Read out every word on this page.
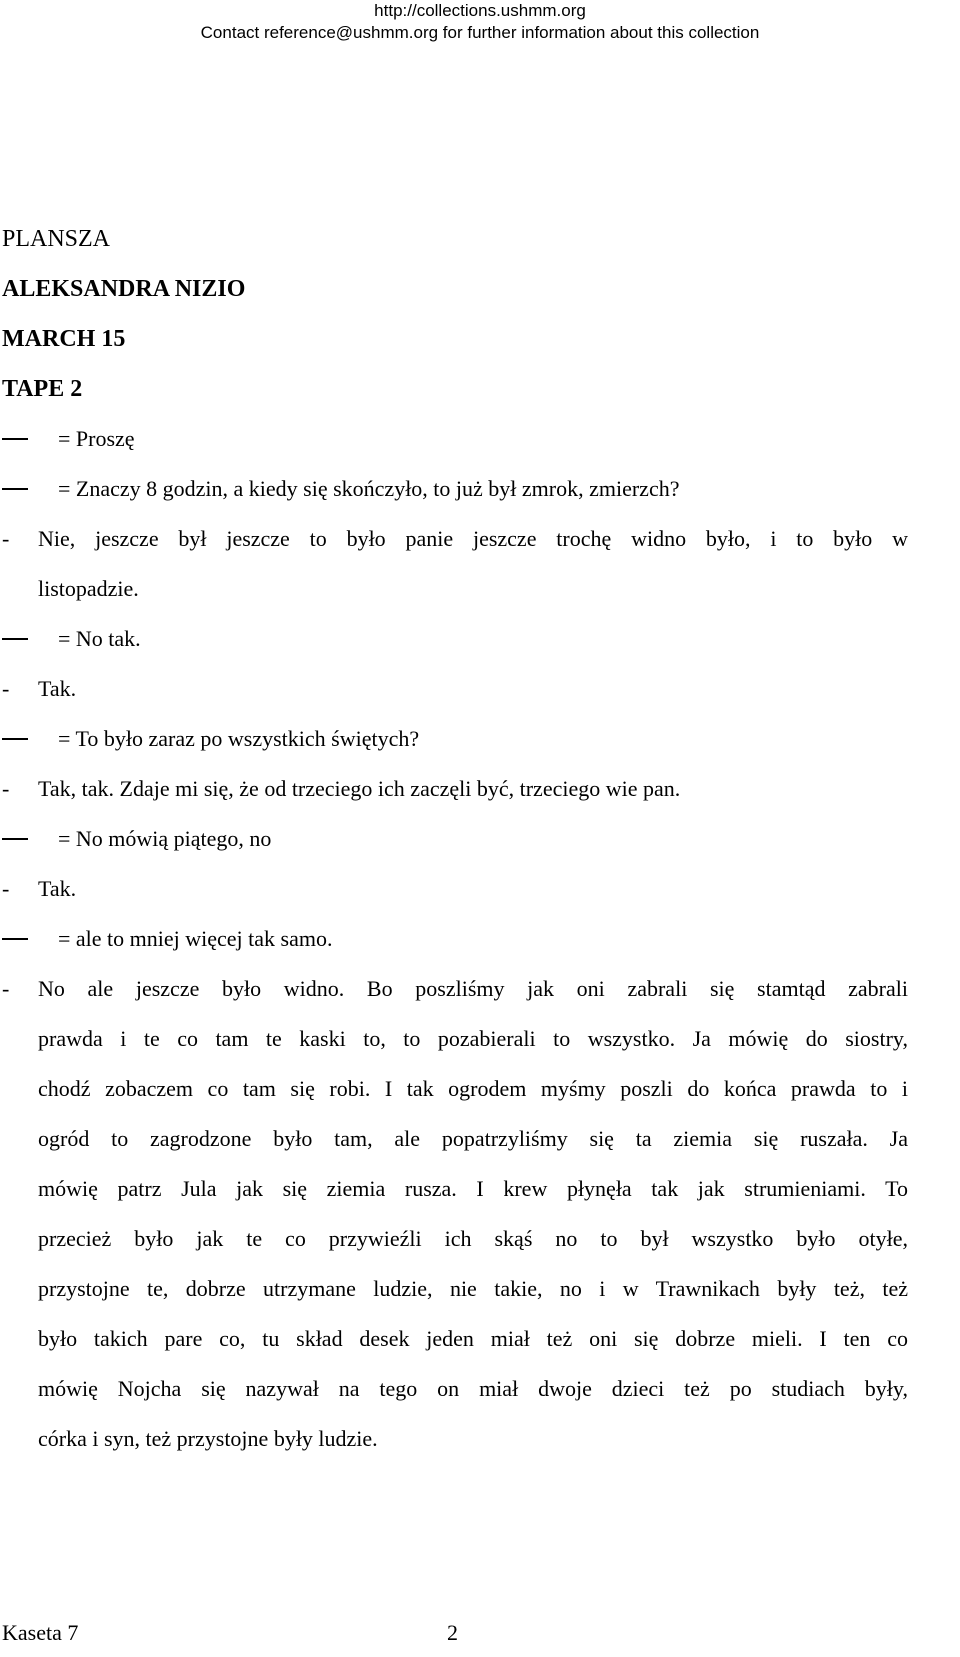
http://collections.ushmm.org
Contact reference@ushmm.org for further information about this collection
PLANSZA
ALEKSANDRA NIZIO
MARCH 15
TAPE 2
= Proszę
= Znaczy 8 godzin, a kiedy się skończyło, to już był zmrok, zmierzch?
- Nie, jeszcze był jeszcze to było panie jeszcze trochę widno było, i to było w
listopadzie.
= No tak.
- Tak.
= To było zaraz po wszystkich świętych?
- Tak, tak. Zdaje mi się, że od trzeciego ich zaczęli być, trzeciego wie pan.
= No mówią piątego, no
- Tak.
= ale to mniej więcej tak samo.
- No ale jeszcze było widno. Bo poszliśmy jak oni zabrali się stamtąd zabrali
prawda i te co tam te kaski to, to pozabierali to wszystko. Ja mówię do siostry,
chodź zobaczem co tam się robi. I tak ogrodem myśmy poszli do końca prawda to i
ogród to zagrodzone było tam, ale popatrzyliśmy się ta ziemia się ruszała. Ja
mówię patrz Jula jak się ziemia rusza. I krew płynęła tak jak strumieniami. To
przecież było jak te co przywieźli ich skąś no to był wszystko było otyłe,
przystojne te, dobrze utrzymane ludzie, nie takie, no i w Trawnikach były też, też
było takich pare co, tu skład desek jeden miał też oni się dobrze mieli. I ten co
mówię Nojcha się nazywał na tego on miał dwoje dzieci też po studiach były,
córka i syn, też przystojne były ludzie.
Kaseta 7	2
